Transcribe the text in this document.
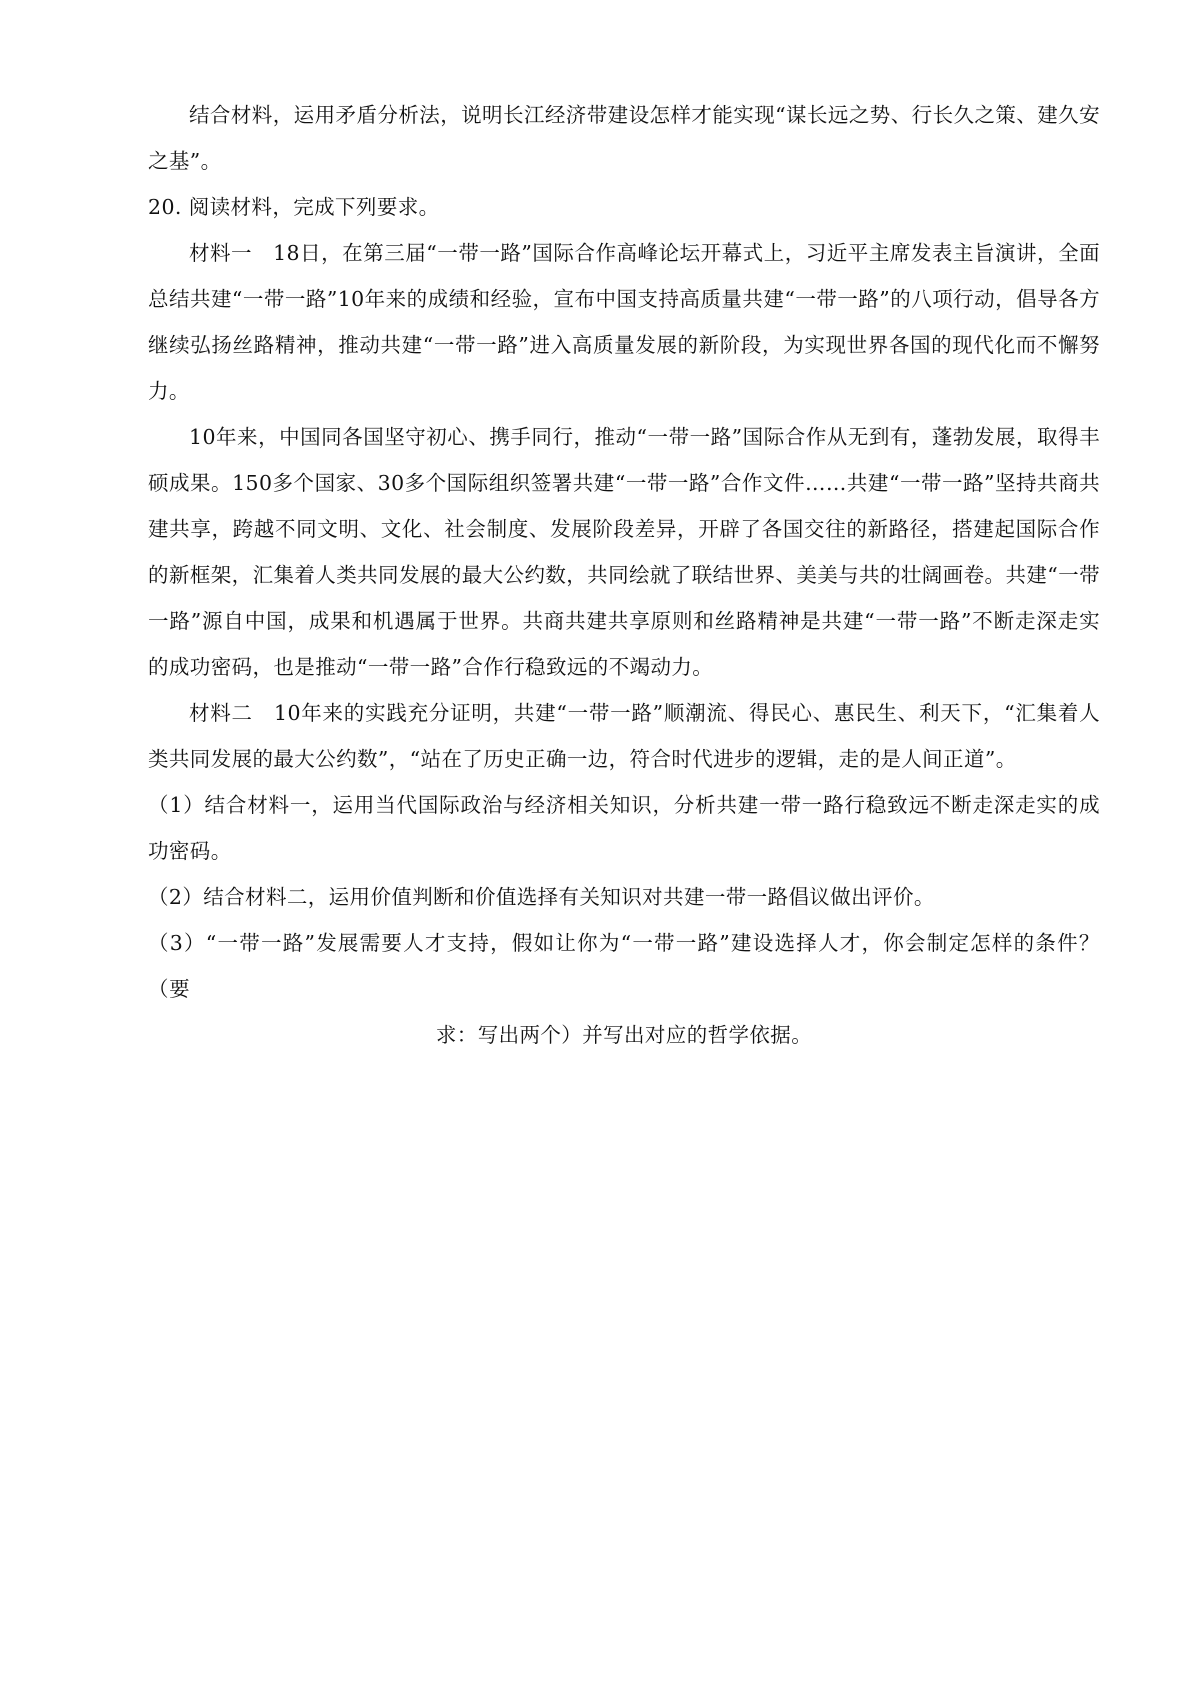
结合材料，运用矛盾分析法，说明长江经济带建设怎样才能实现“谋长远之势、行长久之策、建久安之基”。

20. 阅读材料，完成下列要求。

材料一　18日，在第三届“一带一路”国际合作高峰论坛开幕式上，习近平主席发表主旨演讲，全面总结共建“一带一路”10年来的成绩和经验，宣布中国支持高质量共建“一带一路”的八项行动，倡导各方继续弘扬丝路精神，推动共建“一带一路”进入高质量发展的新阶段，为实现世界各国的现代化而不懈努力。

10年来，中国同各国坚守初心、携手同行，推动“一带一路”国际合作从无到有，蓬勃发展，取得丰硕成果。150多个国家、30多个国际组织签署共建“一带一路”合作文件……共建“一带一路”坚持共商共建共享，跨越不同文明、文化、社会制度、发展阶段差异，开辟了各国交往的新路径，搭建起国际合作的新框架，汇集着人类共同发展的最大公约数，共同绘就了联结世界、美美与共的壮阔画卷。共建“一带一路”源自中国，成果和机遇属于世界。共商共建共享原则和丝路精神是共建“一带一路”不断走深走实的成功密码，也是推动“一带一路”合作行稳致远的不竭动力。

材料二　10年来的实践充分证明，共建“一带一路”顺潮流、得民心、惠民生、利天下，“汇集着人类共同发展的最大公约数”，“站在了历史正确一边，符合时代进步的逻辑，走的是人间正道”。

（1）结合材料一，运用当代国际政治与经济相关知识，分析共建一带一路行稳致远不断走深走实的成功密码。

（2）结合材料二，运用价值判断和价值选择有关知识对共建一带一路倡议做出评价。

（3）“一带一路”发展需要人才支持，假如让你为“一带一路”建设选择人才，你会制定怎样的条件？（要

求：写出两个）并写出对应的哲学依据。
